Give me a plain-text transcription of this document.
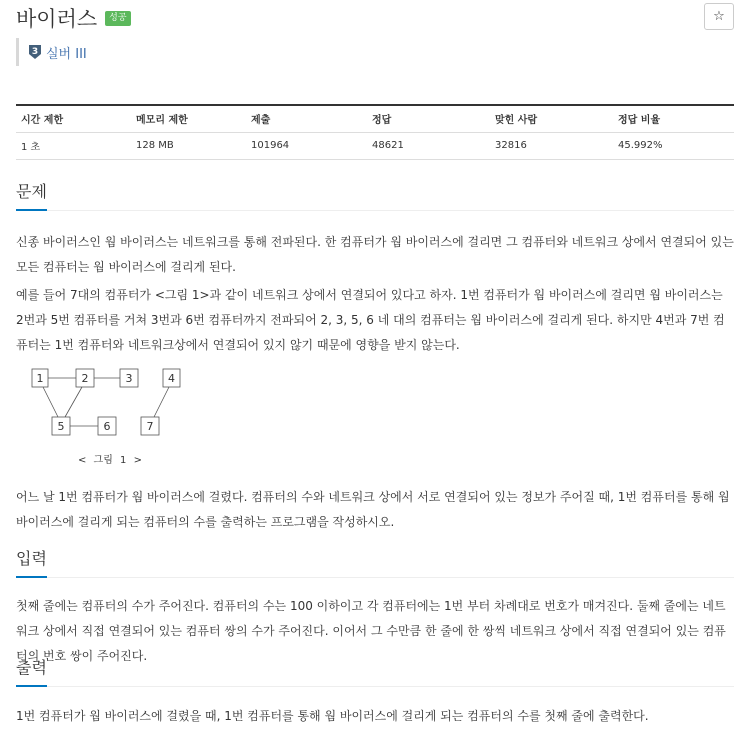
바이러스	성공	☆
3 실버 III
시간 제한	메모리 제한	제출	정답	맞힌 사람	정답 비율
1 초	128 MB	101964	48621	32816	45.992%
문제

신종 바이러스인 웜 바이러스는 네트워크를 통해 전파된다. 한 컴퓨터가 웜 바이러스에 걸리면 그 컴퓨터와 네트워크 상에서 연결되어 있는 모든 컴퓨터는 웜 바이러스에 걸리게 된다.

예를 들어 7대의 컴퓨터가 <그림 1>과 같이 네트워크 상에서 연결되어 있다고 하자. 1번 컴퓨터가 웜 바이러스에 걸리면 웜 바이러스는 2번과 5번 컴퓨터를 거쳐 3번과 6번 컴퓨터까지 전파되어 2, 3, 5, 6 네 대의 컴퓨터는 웜 바이러스에 걸리게 된다. 하지만 4번과 7번 컴퓨터는 1번 컴퓨터와 네트워크상에서 연결되어 있지 않기 때문에 영향을 받지 않는다.

1	2	3	4
5	6	7
< 그림 1 >

어느 날 1번 컴퓨터가 웜 바이러스에 걸렸다. 컴퓨터의 수와 네트워크 상에서 서로 연결되어 있는 정보가 주어질 때, 1번 컴퓨터를 통해 웜 바이러스에 걸리게 되는 컴퓨터의 수를 출력하는 프로그램을 작성하시오.

입력

첫째 줄에는 컴퓨터의 수가 주어진다. 컴퓨터의 수는 100 이하이고 각 컴퓨터에는 1번 부터 차례대로 번호가 매겨진다. 둘째 줄에는 네트워크 상에서 직접 연결되어 있는 컴퓨터 쌍의 수가 주어진다. 이어서 그 수만큼 한 줄에 한 쌍씩 네트워크 상에서 직접 연결되어 있는 컴퓨터의 번호 쌍이 주어진다.

출력

1번 컴퓨터가 웜 바이러스에 걸렸을 때, 1번 컴퓨터를 통해 웜 바이러스에 걸리게 되는 컴퓨터의 수를 첫째 줄에 출력한다.
